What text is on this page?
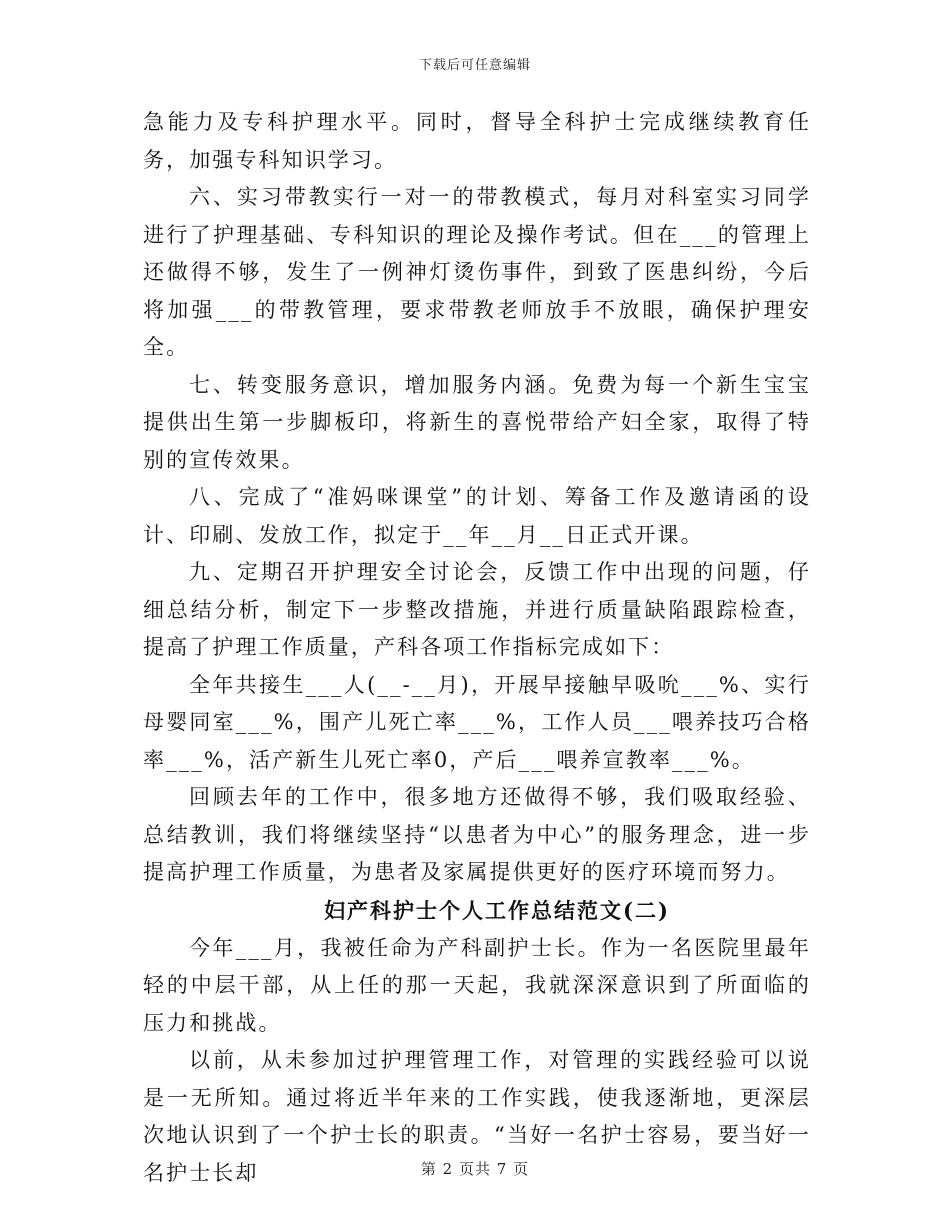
下载后可任意编辑

急能力及专科护理水平。同时，督导全科护士完成继续教育任务，加强专科知识学习。

六、实习带教实行一对一的带教模式，每月对科室实习同学进行了护理基础、专科知识的理论及操作考试。但在___的管理上还做得不够，发生了一例神灯烫伤事件，到致了医患纠纷，今后将加强___的带教管理，要求带教老师放手不放眼，确保护理安全。

七、转变服务意识，增加服务内涵。免费为每一个新生宝宝提供出生第一步脚板印，将新生的喜悦带给产妇全家，取得了特别的宣传效果。

八、完成了“准妈咪课堂”的计划、筹备工作及邀请函的设计、印刷、发放工作，拟定于__年__月__日正式开课。

九、定期召开护理安全讨论会，反馈工作中出现的问题，仔细总结分析，制定下一步整改措施，并进行质量缺陷跟踪检查，提高了护理工作质量，产科各项工作指标完成如下：

全年共接生___人(__-__月)，开展早接触早吸吮___%、实行母婴同室___%，围产儿死亡率___%，工作人员___喂养技巧合格率___%，活产新生儿死亡率0，产后___喂养宣教率___%。

回顾去年的工作中，很多地方还做得不够，我们吸取经验、总结教训，我们将继续坚持“以患者为中心”的服务理念，进一步提高护理工作质量，为患者及家属提供更好的医疗环境而努力。

妇产科护士个人工作总结范文(二)

今年___月，我被任命为产科副护士长。作为一名医院里最年轻的中层干部，从上任的那一天起，我就深深意识到了所面临的压力和挑战。

以前，从未参加过护理管理工作，对管理的实践经验可以说是一无所知。通过将近半年来的工作实践，使我逐渐地，更深层次地认识到了一个护士长的职责。“当好一名护士容易，要当好一名护士长却	第 2 页共 7 页
